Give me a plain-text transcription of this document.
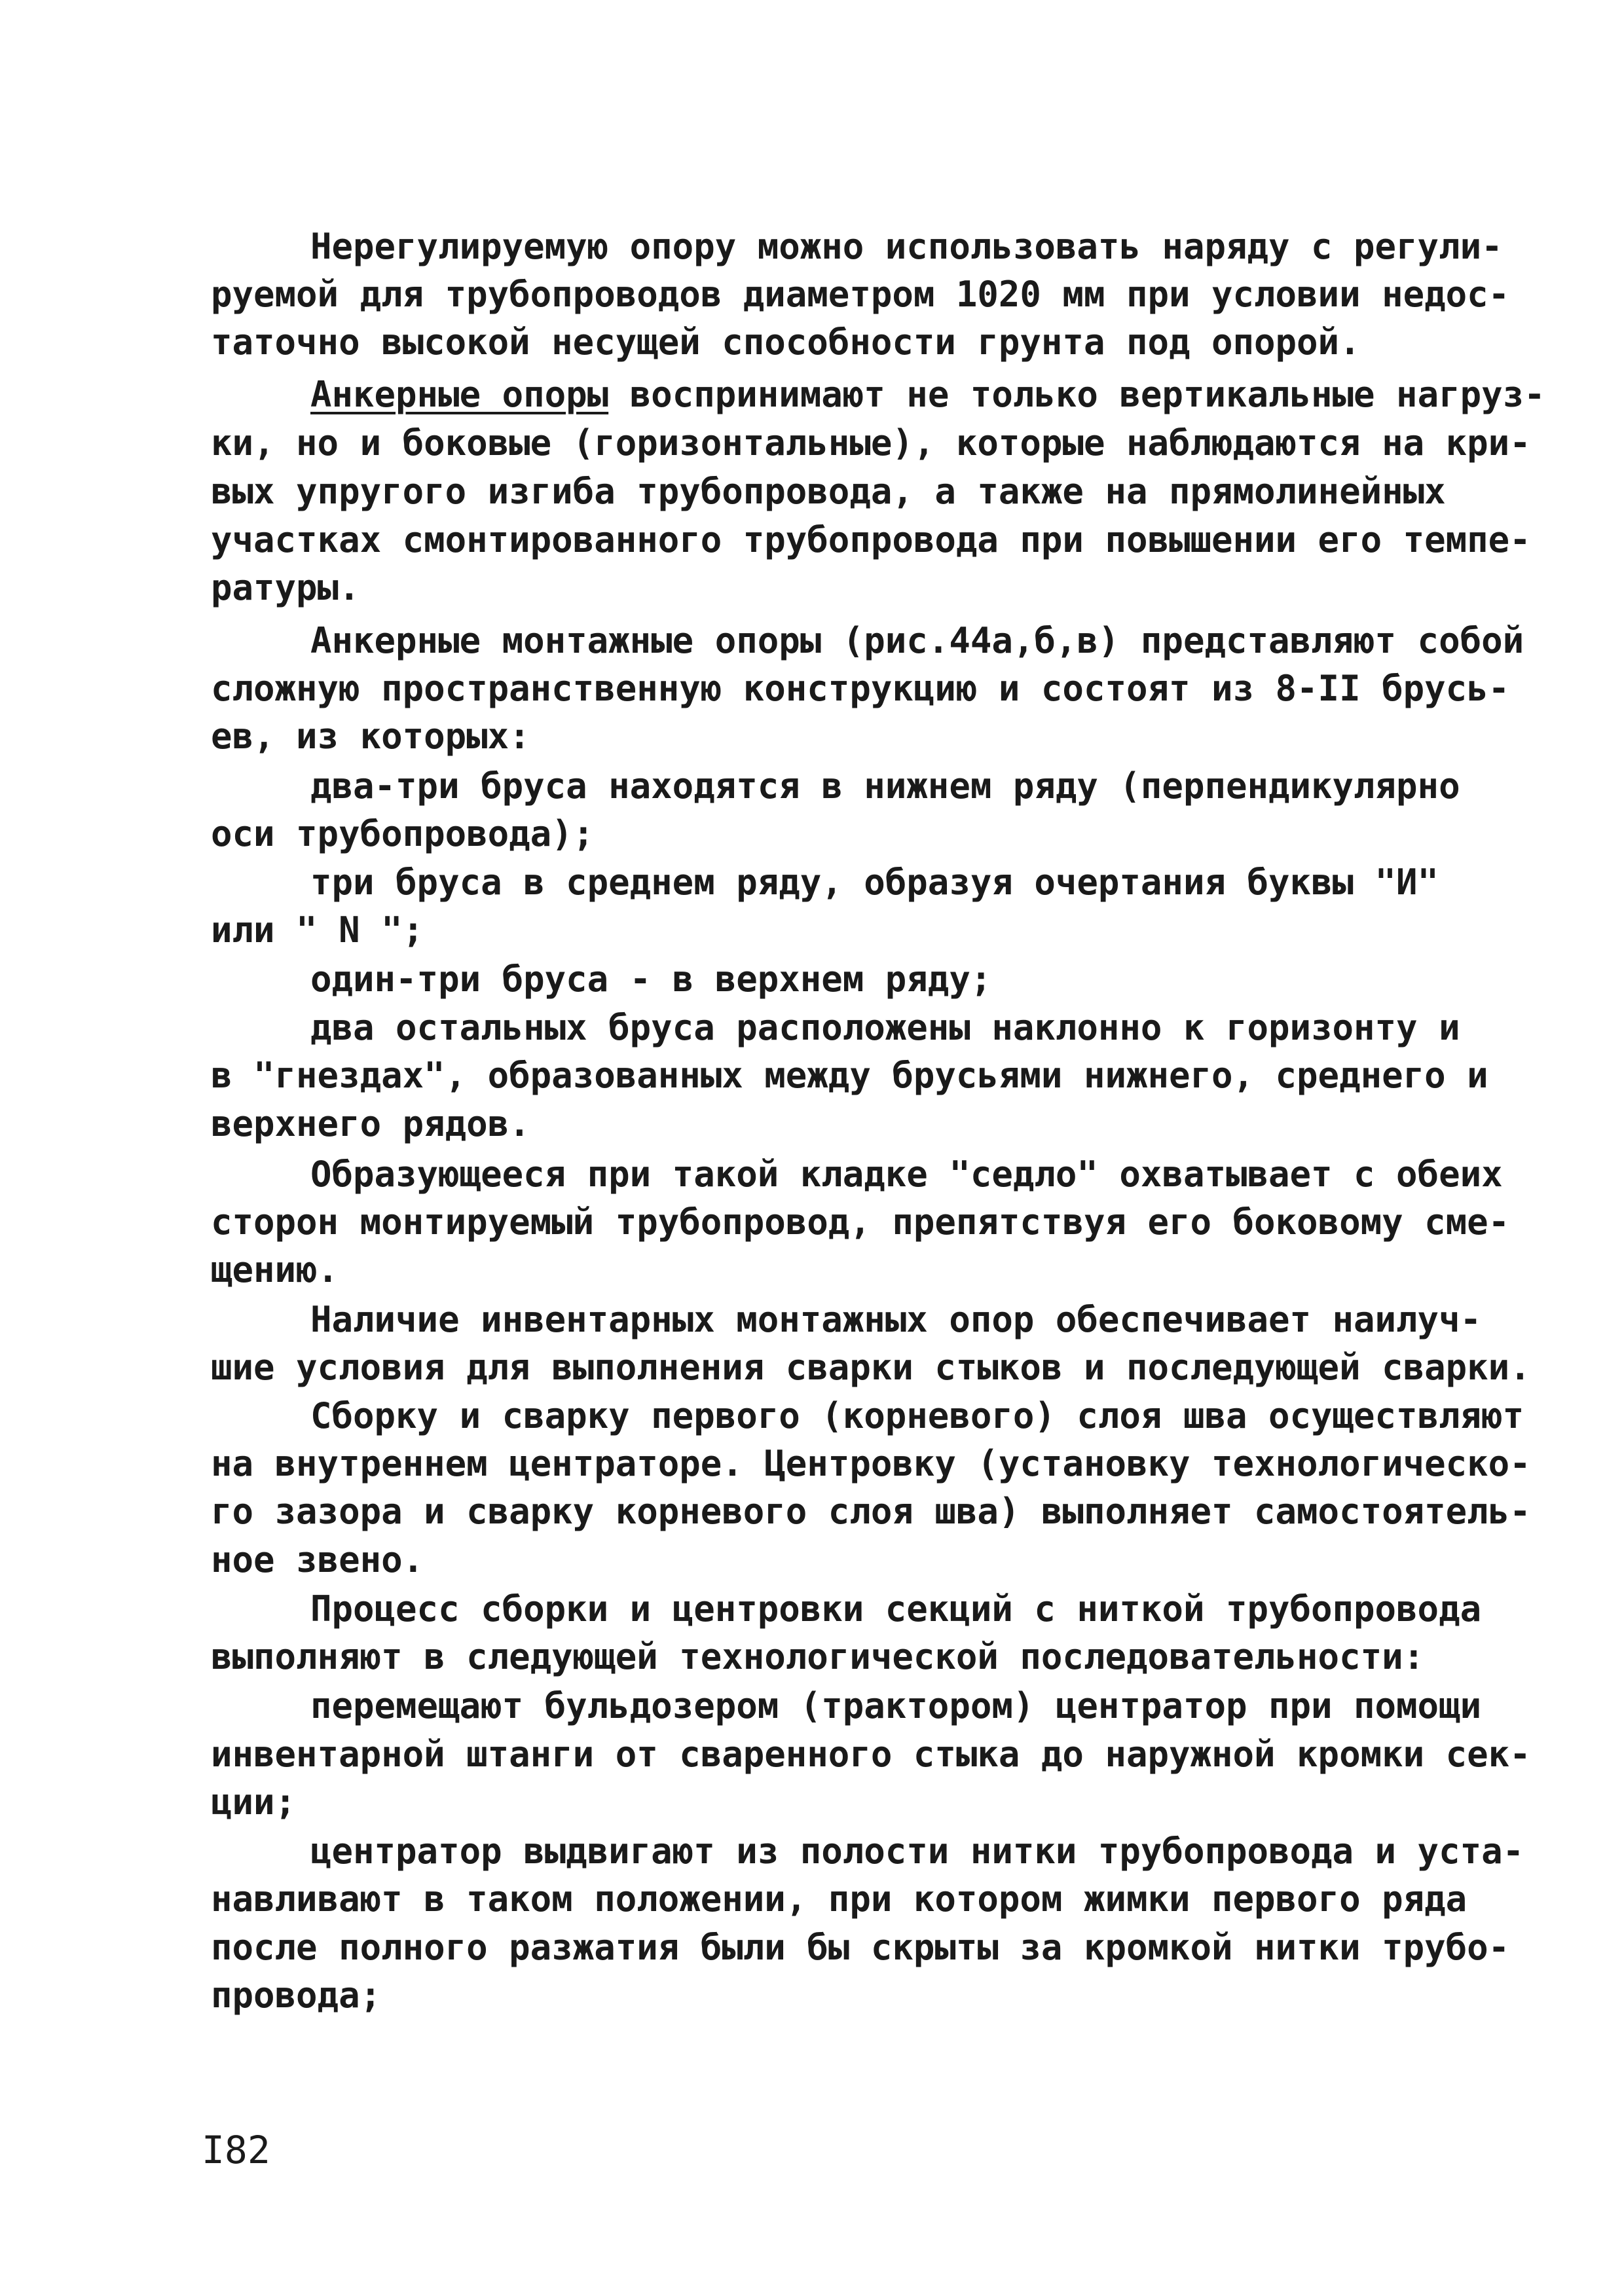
Нерегулируемую опору можно использовать наряду с регули-
руемой для трубопроводов диаметром 1020 мм при условии недос-
таточно высокой несущей способности грунта под опорой.
Анкерные опоры воспринимают не только вертикальные нагруз-
ки, но и боковые (горизонтальные), которые наблюдаются на кри-
вых упругого изгиба трубопровода, а также на прямолинейных
участках смонтированного трубопровода при повышении его темпе-
ратуры.
Анкерные монтажные опоры (рис.44а,б,в) представляют собой
сложную пространственную конструкцию и состоят из 8-II брусь-
ев, из которых:
два-три бруса находятся в нижнем ряду (перпендикулярно
оси трубопровода);
три бруса в среднем ряду, образуя очертания буквы "И"
или " N ";
один-три бруса - в верхнем ряду;
два остальных бруса расположены наклонно к горизонту и
в "гнездах", образованных между брусьями нижнего, среднего и
верхнего рядов.
Образующееся при такой кладке "седло" охватывает с обеих
сторон монтируемый трубопровод, препятствуя его боковому сме-
щению.
Наличие инвентарных монтажных опор обеспечивает наилуч-
шие условия для выполнения сварки стыков и последующей сварки.
Сборку и сварку первого (корневого) слоя шва осуществляют
на внутреннем центраторе. Центровку (установку технологическо-
го зазора и сварку корневого слоя шва) выполняет самостоятель-
ное звено.
Процесс сборки и центровки секций с ниткой трубопровода
выполняют в следующей технологической последовательности:
перемещают бульдозером (трактором) центратор при помощи
инвентарной штанги от сваренного стыка до наружной кромки сек-
ции;
центратор выдвигают из полости нитки трубопровода и уста-
навливают в таком положении, при котором жимки первого ряда
после полного разжатия были бы скрыты за кромкой нитки трубо-
провода;
I82
